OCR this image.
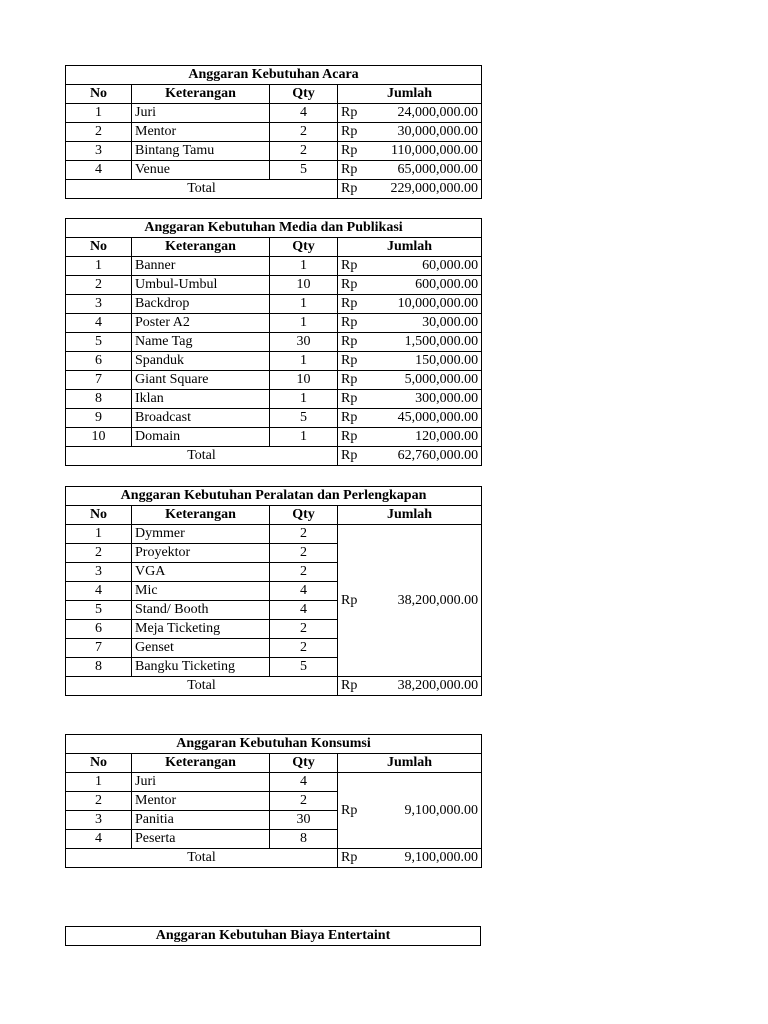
Anggaran Kebutuhan Acara				
No	Keterangan	Qty	Jumlah	
1	Juri	4	Rp	24,000,000.00
2	Mentor	2	Rp	30,000,000.00
3	Bintang Tamu	2	Rp	110,000,000.00
4	Venue	5	Rp	65,000,000.00
Total			Rp	229,000,000.00
Anggaran Kebutuhan Media dan Publikasi				
No	Keterangan	Qty	Jumlah	
1	Banner	1	Rp	60,000.00
2	Umbul-Umbul	10	Rp	600,000.00
3	Backdrop	1	Rp	10,000,000.00
4	Poster A2	1	Rp	30,000.00
5	Name Tag	30	Rp	1,500,000.00
6	Spanduk	1	Rp	150,000.00
7	Giant Square	10	Rp	5,000,000.00
8	Iklan	1	Rp	300,000.00
9	Broadcast	5	Rp	45,000,000.00
10	Domain	1	Rp	120,000.00
Total			Rp	62,760,000.00
Anggaran Kebutuhan Peralatan dan Perlengkapan				
No	Keterangan	Qty	Jumlah	
1	Dymmer	2	Rp	38,200,000.00
2	Proyektor	2		
3	VGA	2		
4	Mic	4		
5	Stand/ Booth	4		
6	Meja Ticketing	2		
7	Genset	2		
8	Bangku Ticketing	5		
Total			Rp	38,200,000.00
Anggaran Kebutuhan Konsumsi				
No	Keterangan	Qty	Jumlah	
1	Juri	4	Rp	9,100,000.00
2	Mentor	2		
3	Panitia	30		
4	Peserta	8		
Total			Rp	9,100,000.00
Anggaran Kebutuhan Biaya Entertaint
